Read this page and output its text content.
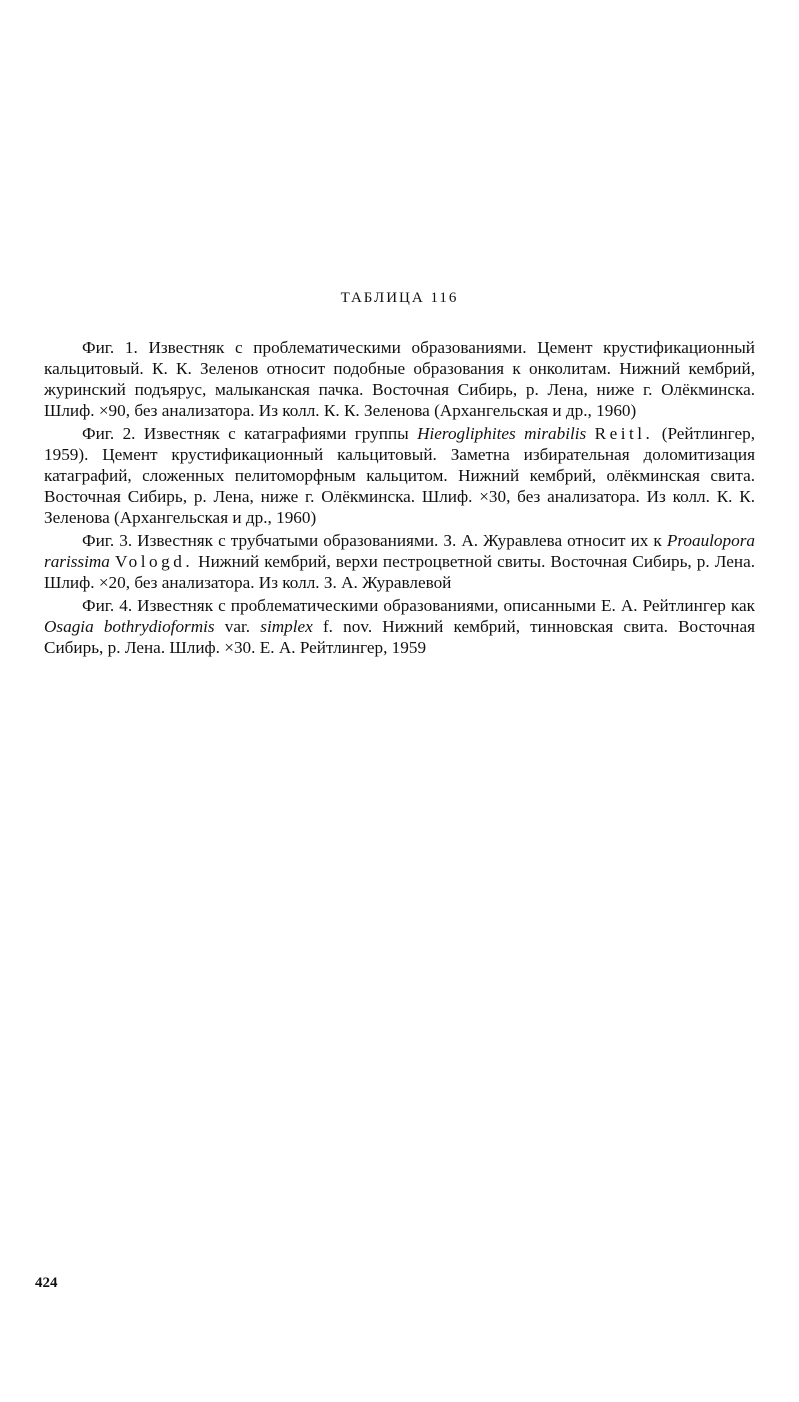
ТАБЛИЦА 116

Фиг. 1. Известняк с проблематическими образованиями. Цемент крустификационный кальцитовый. К. К. Зеленов относит подобные образования к онколитам. Нижний кембрий, журинский подъярус, малыканская пачка. Восточная Сибирь, р. Лена, ниже г. Олёкминска. Шлиф. ×90, без анализатора. Из колл. К. К. Зеленова (Архангельская и др., 1960)

Фиг. 2. Известняк с катаграфиями группы Hierogliphites mirabilis Reitl. (Рейтлингер, 1959). Цемент крустификационный кальцитовый. Заметна избирательная доломитизация катаграфий, сложенных пелитоморфным кальцитом. Нижний кембрий, олёкминская свита. Восточная Сибирь, р. Лена, ниже г. Олёкминска. Шлиф. ×30, без анализатора. Из колл. К. К. Зеленова (Архангельская и др., 1960)

Фиг. 3. Известняк с трубчатыми образованиями. З. А. Журавлева относит их к Proaulopora rarissima Vologd. Нижний кембрий, верхи пестроцветной свиты. Восточная Сибирь, р. Лена. Шлиф. ×20, без анализатора. Из колл. З. А. Журавлевой

Фиг. 4. Известняк с проблематическими образованиями, описанными Е. А. Рейтлингер как Osagia bothrydioformis var. simplex f. nov. Нижний кембрий, тинновская свита. Восточная Сибирь, р. Лена. Шлиф. ×30. Е. А. Рейтлингер, 1959

424
